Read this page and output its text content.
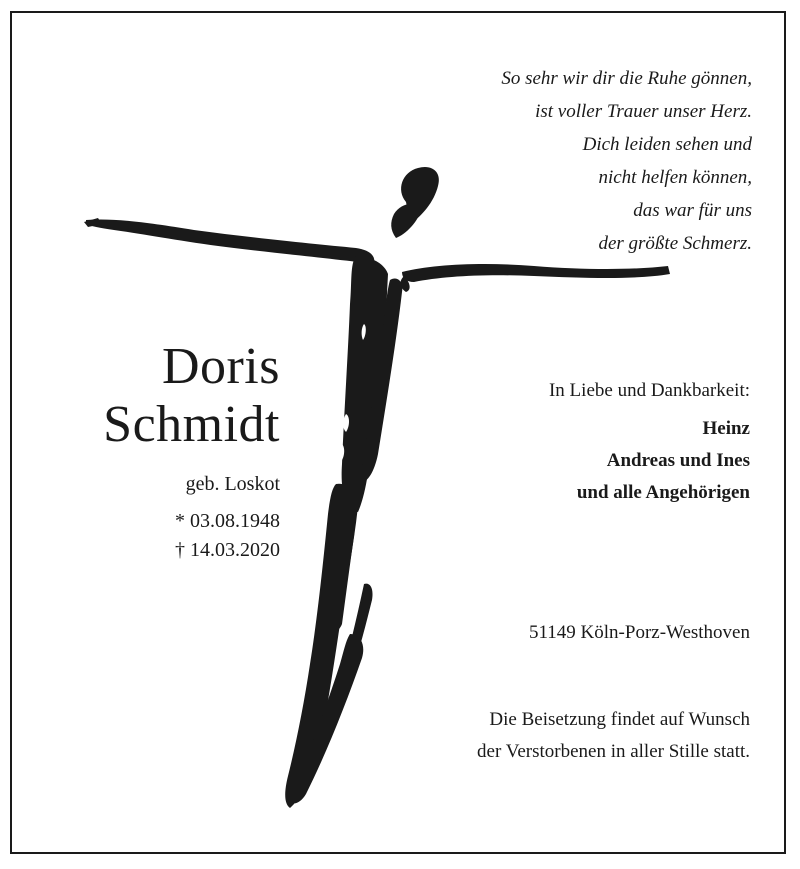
So sehr wir dir die Ruhe gönnen,
ist voller Trauer unser Herz.
Dich leiden sehen und
nicht helfen können,
das war für uns
der größte Schmerz.
Doris
Schmidt
geb. Loskot
* 03.08.1948
† 14.03.2020
In Liebe und Dankbarkeit:
Heinz
Andreas und Ines
und alle Angehörigen
51149 Köln-Porz-Westhoven
Die Beisetzung findet auf Wunsch
der Verstorbenen in aller Stille statt.
